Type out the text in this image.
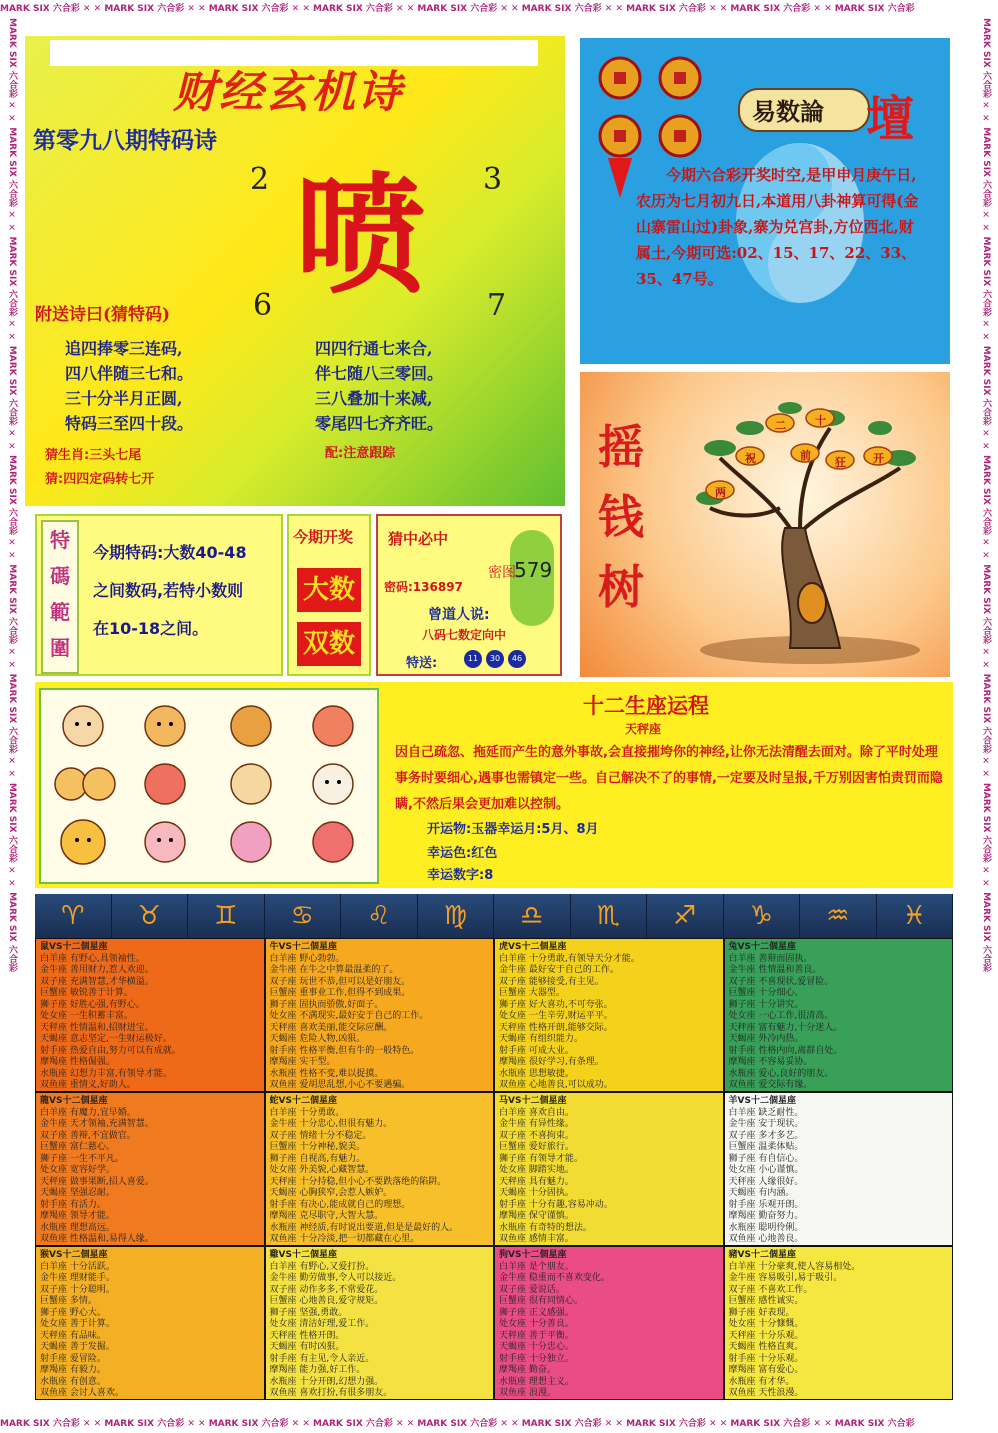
MARK SIX 六合彩 ✕ ✕ MARK SIX 六合彩 ✕ ✕ MARK SIX 六合彩 ✕ ✕ MARK SIX 六合彩 ✕ ✕ MARK SIX 六合彩 ✕ ✕ MARK SIX 六合彩 ✕ ✕ MARK SIX 六合彩 ✕ ✕ MARK SIX 六合彩 ✕ ✕ MARK SIX 六合彩
MARK SIX 六合彩 ✕ ✕ MARK SIX 六合彩 ✕ ✕ MARK SIX 六合彩 ✕ ✕ MARK SIX 六合彩 ✕ ✕ MARK SIX 六合彩 ✕ ✕ MARK SIX 六合彩 ✕ ✕ MARK SIX 六合彩 ✕ ✕ MARK SIX 六合彩 ✕ ✕ MARK SIX 六合彩
MARK SIX 六合彩 ✕ ✕ MARK SIX 六合彩 ✕ ✕ MARK SIX 六合彩 ✕ ✕ MARK SIX 六合彩 ✕ ✕ MARK SIX 六合彩 ✕ ✕ MARK SIX 六合彩 ✕ ✕ MARK SIX 六合彩 ✕ ✕ MARK SIX 六合彩 ✕ ✕ MARK SIX 六合彩	MARK SIX 六合彩 ✕ ✕ MARK SIX 六合彩 ✕ ✕ MARK SIX 六合彩 ✕ ✕ MARK SIX 六合彩 ✕ ✕ MARK SIX 六合彩 ✕ ✕ MARK SIX 六合彩 ✕ ✕ MARK SIX 六合彩 ✕ ✕ MARK SIX 六合彩 ✕ ✕ MARK SIX 六合彩
财经玄机诗
第零九八期特码诗
2	3
喷
6	7
附送诗曰(猜特码)
追四捧零三连码,
四八伴随三七和。
三十分半月正圆,
特码三至四十段。
四四行通七来合,
伴七随八三零回。
三八叠加十来减,
零尾四七齐齐旺。
猜生肖:三头七尾
猜:四四定码转七开
配:注意跟踪
易数論 壇
今期六合彩开奖时空,是甲申月庚午日,农历为七月初九日,本道用八卦神算可得(金山寨雷山过)卦象,寨为兑宫卦,方位西北,财属土,今期可选:02、15、17、22、33、35、47号。
摇
钱
树
二	十
祝	前
狂 开
两
特
碼
範
圍
今期特码:大数40-48
之间数码,若特小数则
在10-18之间。
今期开奖
大数
双数
猜中必中
密码:136897
密图
579
曾道人说:
八码七数定向中
特送:	11	30	46
十二生座运程
天秤座
因自己疏忽、拖延而产生的意外事故,会直接摧垮你的神经,让你无法清醒去面对。除了平时处理事务时要细心,遇事也需镇定一些。自己解决不了的事情,一定要及时呈报,千万别因害怕责罚而隐瞒,不然后果会更加难以控制。
开运物:玉器幸运月:5月、8月
幸运色:红色
幸运数字:8
♈	♉	♊	♋	♌	♍	♎	♏	♐	♑	♒	♓
鼠VS十二個星座
白羊座 有野心,具领袖性。
金牛座 善用财力,惹人欢迎。
双子座 充满智慧,才华横溢。
巨蟹座 敏锐善于计算。
狮子座 好胜心强,有野心。
处女座 一生积蓄丰富。
天秤座 性情温和,招财进宝。
天蝎座 意志坚定,一生财运极好。
射手座 热爱自由,努力可以有成就。
摩羯座 性格倔强。
水瓶座 幻想力丰富,有领导才能。
双鱼座 重情义,好助人。
牛VS十二個星座
白羊座 野心勃勃。
金牛座 在牛之中算最温柔的了。
双子座 玩世不恭,但可以是好朋友。
巨蟹座 重事业工作,但得不到成果。
狮子座 固执而骄傲,好面子。
处女座 不满现实,最好安于自己的工作。
天秤座 喜欢美丽,能交际应酬。
天蝎座 危险人物,凶狠。
射手座 性格平衡,但有牛的一般特色。
摩羯座 实干型。
水瓶座 性格不变,难以捉摸。
双鱼座 爱胡思乱想,小心不要遇骗。
虎VS十二個星座
白羊座 十分勇敢,有领导天分才能。
金牛座 最好安于自己的工作。
双子座 能够接受,有主见。
巨蟹座 大器型。
狮子座 好大喜功,不可夸张。
处女座 一生辛劳,财运平平。
天秤座 性格开朗,能够交际。
天蝎座 有组织能力。
射手座 可成大业。
摩羯座 很好学习,有条理。
水瓶座 思想敏捷。
双鱼座 心地善良,可以成功。
兔VS十二個星座
白羊座 善辩而固执。
金牛座 性情温和善良。
双子座 不喜现状,爱冒险。
巨蟹座 十分细心。
狮子座 十分讲究。
处女座 一心工作,很清高。
天秤座 富有魅力,十分迷人。
天蝎座 外冷内热。
射手座 性格内向,离群自处。
摩羯座 不容易妥协。
水瓶座 爱心,良好的朋友。
双鱼座 爱交际有缘。
龍VS十二個星座
白羊座 有魔力,宜早婚。
金牛座 天才领袖,充满智慧。
双子座 善辩,不宜做官。
巨蟹座 富仁慈心。
狮子座 一生不平凡。
处女座 宽容好学。
天秤座 做事果断,招人喜爱。
天蝎座 坚强忍耐。
射手座 有活力。
摩羯座 领导才能。
水瓶座 理想高远。
双鱼座 性格温和,易得人缘。
蛇VS十二個星座
白羊座 十分勇敢。
金牛座 十分忠心,但很有魅力。
双子座 情绪十分不稳定。
巨蟹座 十分神秘,貌美。
狮子座 自视高,有魅力。
处女座 外美貌,心藏智慧。
天秤座 十分持稳,但小心不要跌落绝的陷阱。
天蝎座 心胸狭窄,会惹人嫉妒。
射手座 有决心,能成就自己的理想。
摩羯座 克尽职守,大智大慧。
水瓶座 神经质,有时说出要道,但是是最好的人。
双鱼座 十分冷淡,把一切都藏在心里。
马VS十二個星座
白羊座 喜欢自由。
金牛座 有异性缘。
双子座 不喜拘束。
巨蟹座 爱好旅行。
狮子座 有领导才能。
处女座 脚踏实地。
天秤座 具有魅力。
天蝎座 十分固执。
射手座 十分有趣,容易冲动。
摩羯座 保守谨慎。
水瓶座 有奇特的想法。
双鱼座 感情丰富。
羊VS十二個星座
白羊座 缺乏耐性。
金牛座 安于现状。
双子座 多才多艺。
巨蟹座 温柔体贴。
狮子座 有自信心。
处女座 小心谨慎。
天秤座 人缘很好。
天蝎座 有内涵。
射手座 乐观开朗。
摩羯座 勤奋努力。
水瓶座 聪明伶俐。
双鱼座 心地善良。
猴VS十二個星座
白羊座 十分活跃。
金牛座 理财能手。
双子座 十分聪明。
巨蟹座 多情。
狮子座 野心大。
处女座 善于计算。
天秤座 有品味。
天蝎座 善于发掘。
射手座 爱冒险。
摩羯座 有毅力。
水瓶座 有创意。
双鱼座 会讨人喜欢。
雞VS十二個星座
白羊座 有野心,又爱打扮。
金牛座 勤劳做事,令人可以接近。
双子座 动作多多,不常爱花。
巨蟹座 心地善良,爱守规矩。
狮子座 坚强,勇敢。
处女座 清洁好理,爱工作。
天秤座 性格开朗。
天蝎座 有时凶狠。
射手座 有主见,令人亲近。
摩羯座 能力强,好工作。
水瓶座 十分开朗,幻想力强。
双鱼座 喜欢打扮,有很多朋友。
狗VS十二個星座
白羊座 是个朋友。
金牛座 稳重而不喜欢变化。
双子座 爱说话。
巨蟹座 很有同情心。
狮子座 正义感强。
处女座 十分善良。
天秤座 善于平衡。
天蝎座 十分忠心。
射手座 十分独立。
摩羯座 勤奋。
水瓶座 理想主义。
双鱼座 浪漫。
豬VS十二個星座
白羊座 十分豪爽,使人容易相处。
金牛座 容易吸引,易于吸引。
双子座 不喜欢工作。
巨蟹座 感性诚实。
狮子座 好表现。
处女座 十分慷慨。
天秤座 十分乐观。
天蝎座 性格直爽。
射手座 十分乐观。
摩羯座 富有爱心。
水瓶座 有才华。
双鱼座 天性浪漫。
